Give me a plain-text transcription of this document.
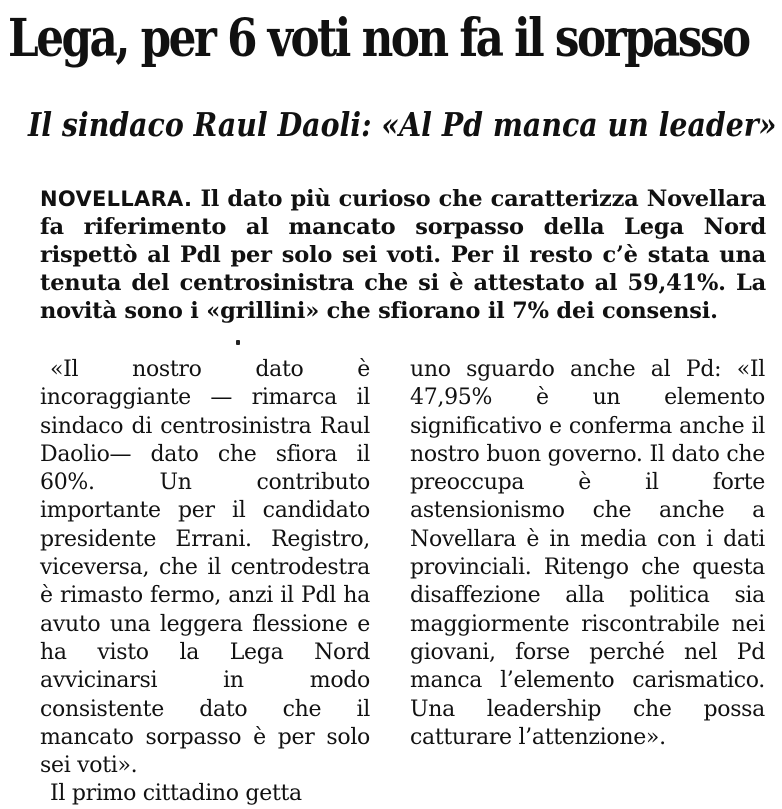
Lega, per 6 voti non fa il sorpasso
Il sindaco Raul Daoli: «Al Pd manca un leader»
NOVELLARA. Il dato più curioso che caratterizza Novellara fa riferimento al mancato sorpasso della Lega Nord rispettò al Pdl per solo sei voti. Per il resto c’è stata una tenuta del centrosinistra che si è attestato al 59,41%. La novità sono i «grillini» che sfiorano il 7% dei consensi.

«Il nostro dato è incoraggiante — rimarca il sindaco di centrosinistra Raul Daolio— dato che sfiora il 60%. Un contributo importante per il candidato presidente Errani. Registro, viceversa, che il centrodestra è rimasto fermo, anzi il Pdl ha avuto una leggera flessione e ha visto la Lega Nord avvicinarsi in modo consistente dato che il mancato sorpasso è per solo sei voti».

Il primo cittadino getta

uno sguardo anche al Pd: «Il 47,95% è un elemento significativo e conferma anche il nostro buon governo. Il dato che preoccupa è il forte astensionismo che anche a Novellara è in media con i dati provinciali. Ritengo che questa disaffezione alla politica sia maggiormente riscontrabile nei giovani, forse perché nel Pd manca l’elemento carismatico. Una leadership che possa catturare l’attenzione».
